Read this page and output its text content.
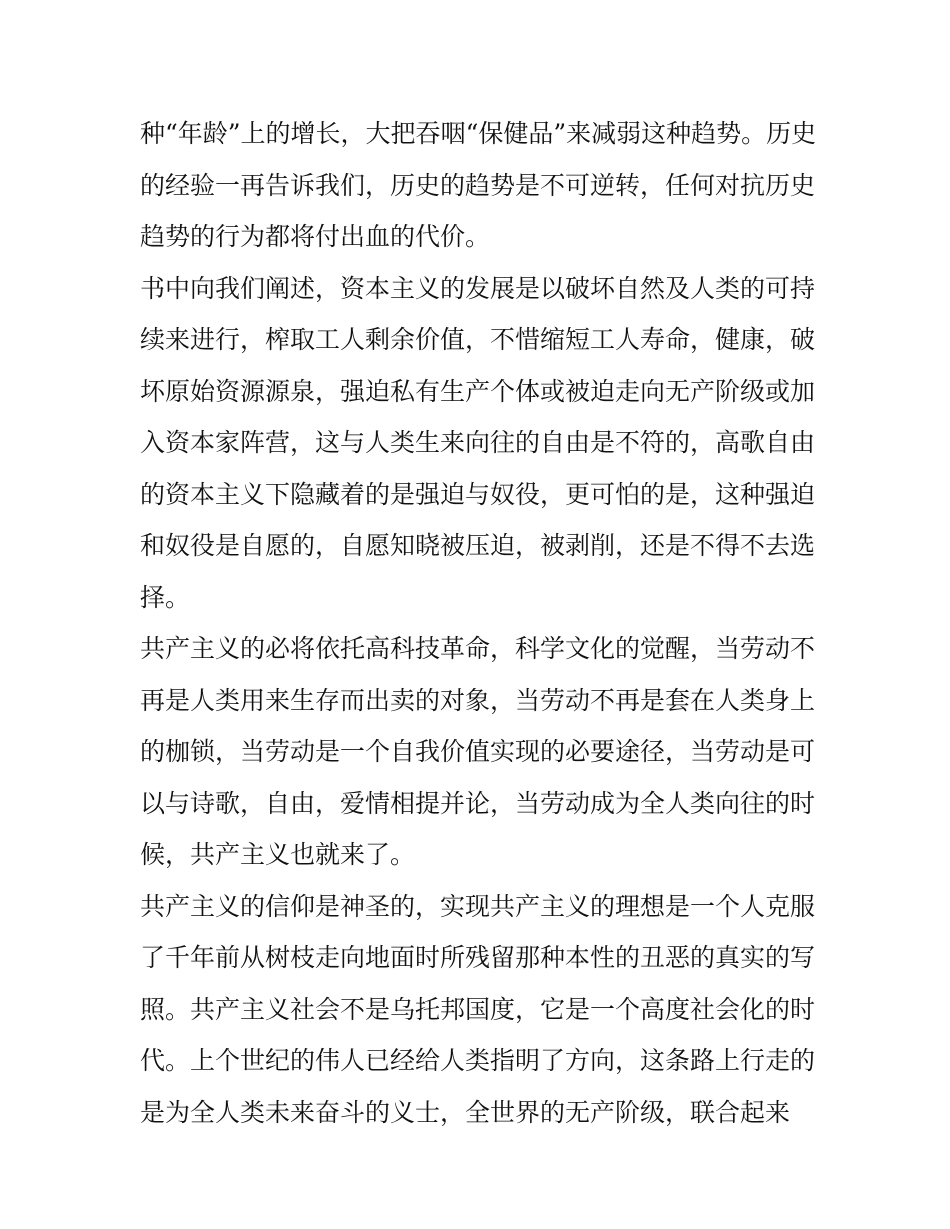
种“年龄”上的增长，大把吞咽“保健品”来减弱这种趋势。历史
的经验一再告诉我们，历史的趋势是不可逆转，任何对抗历史
趋势的行为都将付出血的代价。
书中向我们阐述，资本主义的发展是以破坏自然及人类的可持
续来进行，榨取工人剩余价值，不惜缩短工人寿命，健康，破
坏原始资源源泉，强迫私有生产个体或被迫走向无产阶级或加
入资本家阵营，这与人类生来向往的自由是不符的，高歌自由
的资本主义下隐藏着的是强迫与奴役，更可怕的是，这种强迫
和奴役是自愿的，自愿知晓被压迫，被剥削，还是不得不去选
择。
共产主义的必将依托高科技革命，科学文化的觉醒，当劳动不
再是人类用来生存而出卖的对象，当劳动不再是套在人类身上
的枷锁，当劳动是一个自我价值实现的必要途径，当劳动是可
以与诗歌，自由，爱情相提并论，当劳动成为全人类向往的时
候，共产主义也就来了。
共产主义的信仰是神圣的，实现共产主义的理想是一个人克服
了千年前从树枝走向地面时所残留那种本性的丑恶的真实的写
照。共产主义社会不是乌托邦国度，它是一个高度社会化的时
代。上个世纪的伟人已经给人类指明了方向，这条路上行走的
是为全人类未来奋斗的义士，全世界的无产阶级，联合起来
